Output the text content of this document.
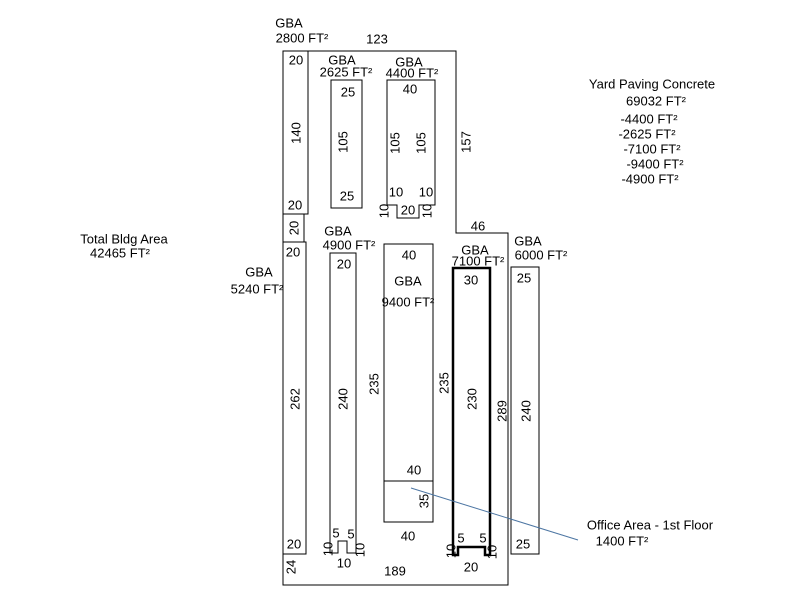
Total Bldg Area
42465 FT²
GBA
5240 FT²
Yard Paving Concrete
69032 FT²
-4400 FT²
-2625 FT²
-7100 FT²
-9400 FT²
-4900 FT²
Office Area - 1st Floor
1400 FT²
GBA
2800 FT²
GBA
2625 FT²
GBA
4400 FT²
GBA
4900 FT²
GBA
9400 FT²
GBA
7100 FT²
GBA
6000 FT²
123
157
46
289
189
24
20
140
20
20
20
262
20
25
105
25
40
105 105
10 10
10 20 10
20
240
5 5
10 10
10
40
235	235
40
35
40
30
230
5 5
10 10
20
25
240
25
